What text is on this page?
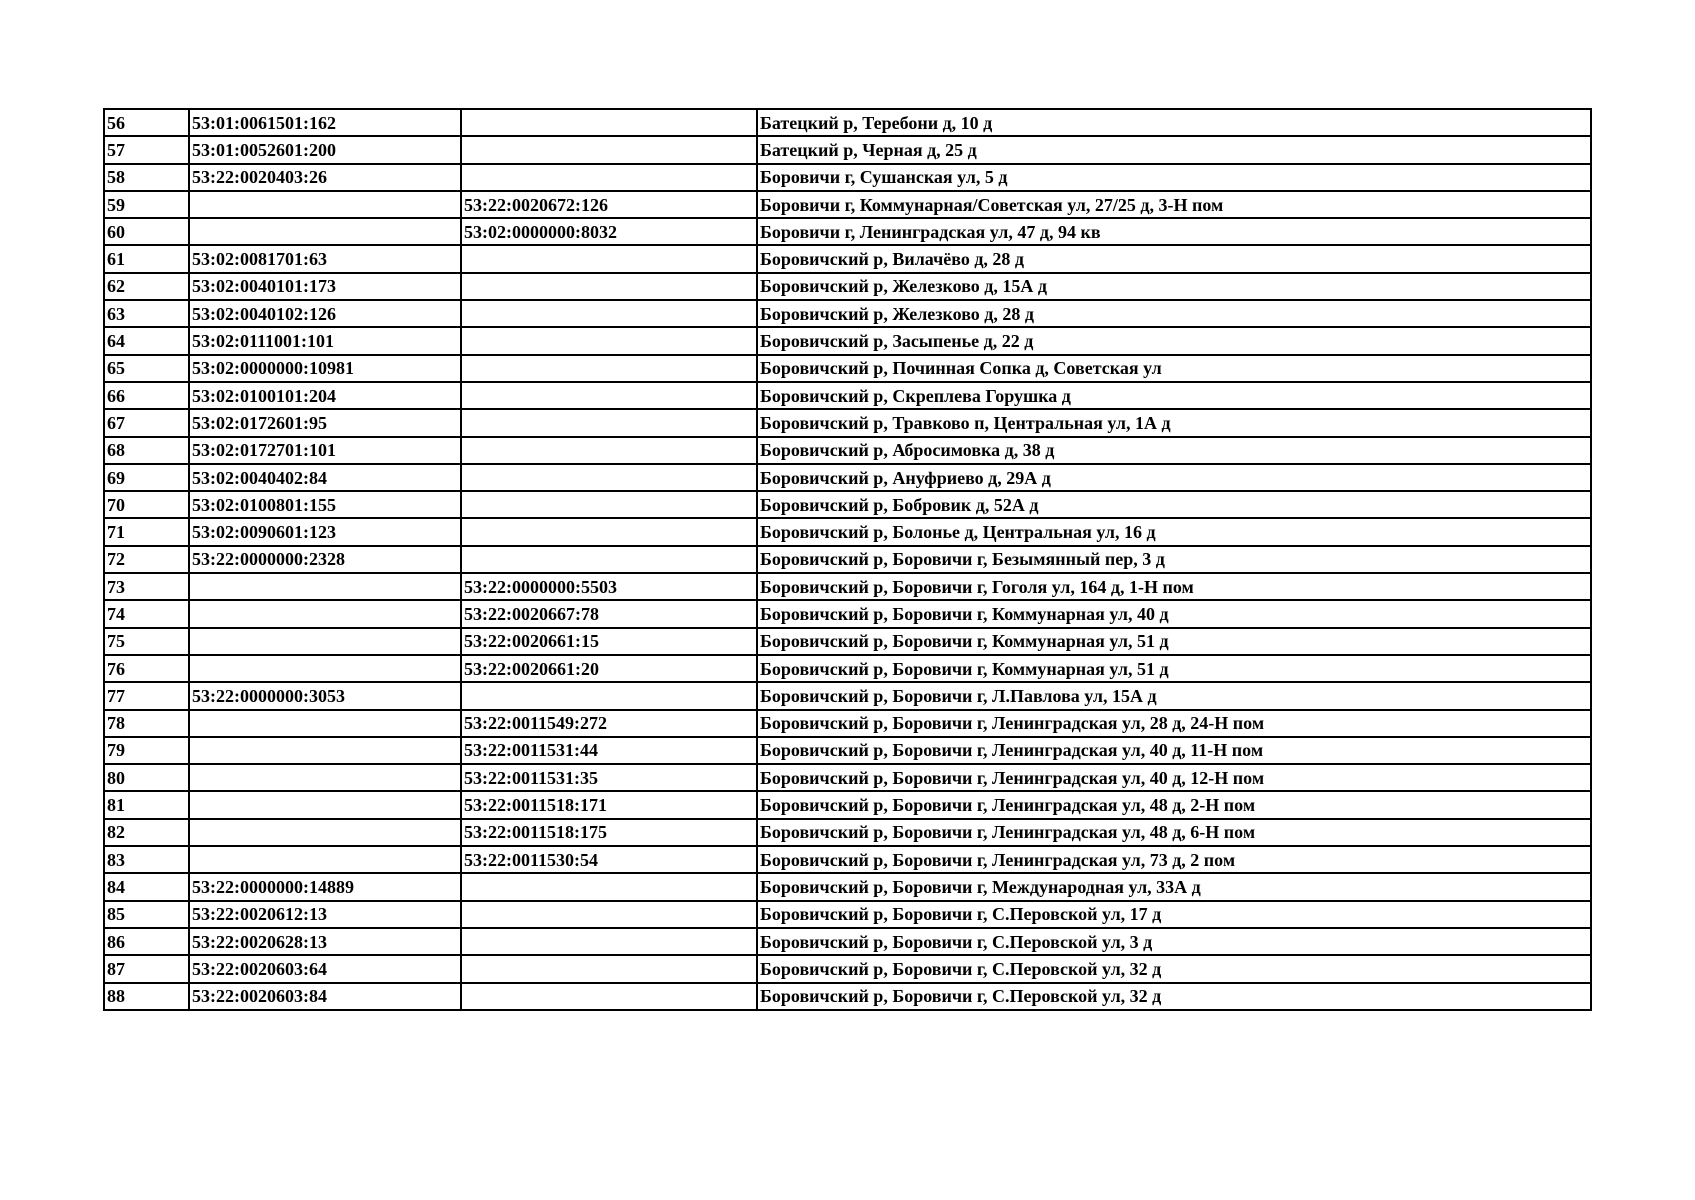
56	53:01:0061501:162		Батецкий р, Теребони д, 10 д
57	53:01:0052601:200		Батецкий р, Черная д, 25 д
58	53:22:0020403:26		Боровичи г, Сушанская ул, 5 д
59		53:22:0020672:126	Боровичи г, Коммунарная/Советская ул, 27/25 д, 3-Н пом
60		53:02:0000000:8032	Боровичи г, Ленинградская ул, 47 д, 94 кв
61	53:02:0081701:63		Боровичский р, Вилачёво д, 28 д
62	53:02:0040101:173		Боровичский р, Железково д, 15А д
63	53:02:0040102:126		Боровичский р, Железково д, 28 д
64	53:02:0111001:101		Боровичский р, Засыпенье д, 22 д
65	53:02:0000000:10981		Боровичский р, Починная Сопка д, Советская ул
66	53:02:0100101:204		Боровичский р, Скреплева Горушка д
67	53:02:0172601:95		Боровичский р, Травково п, Центральная ул, 1А д
68	53:02:0172701:101		Боровичский р, Абросимовка д, 38 д
69	53:02:0040402:84		Боровичский р, Ануфриево д, 29А д
70	53:02:0100801:155		Боровичский р, Бобровик д, 52А д
71	53:02:0090601:123		Боровичский р, Болонье д, Центральная ул, 16 д
72	53:22:0000000:2328		Боровичский р, Боровичи г, Безымянный пер, 3 д
73		53:22:0000000:5503	Боровичский р, Боровичи г, Гоголя ул, 164 д, 1-Н пом
74		53:22:0020667:78	Боровичский р, Боровичи г, Коммунарная ул, 40 д
75		53:22:0020661:15	Боровичский р, Боровичи г, Коммунарная ул, 51 д
76		53:22:0020661:20	Боровичский р, Боровичи г, Коммунарная ул, 51 д
77	53:22:0000000:3053		Боровичский р, Боровичи г, Л.Павлова ул, 15А д
78		53:22:0011549:272	Боровичский р, Боровичи г, Ленинградская ул, 28 д, 24-Н пом
79		53:22:0011531:44	Боровичский р, Боровичи г, Ленинградская ул, 40 д, 11-Н пом
80		53:22:0011531:35	Боровичский р, Боровичи г, Ленинградская ул, 40 д, 12-Н пом
81		53:22:0011518:171	Боровичский р, Боровичи г, Ленинградская ул, 48 д, 2-Н пом
82		53:22:0011518:175	Боровичский р, Боровичи г, Ленинградская ул, 48 д, 6-Н пом
83		53:22:0011530:54	Боровичский р, Боровичи г, Ленинградская ул, 73 д, 2 пом
84	53:22:0000000:14889		Боровичский р, Боровичи г, Международная ул, 33А д
85	53:22:0020612:13		Боровичский р, Боровичи г, С.Перовской ул, 17 д
86	53:22:0020628:13		Боровичский р, Боровичи г, С.Перовской ул, 3 д
87	53:22:0020603:64		Боровичский р, Боровичи г, С.Перовской ул, 32 д
88	53:22:0020603:84		Боровичский р, Боровичи г, С.Перовской ул, 32 д
